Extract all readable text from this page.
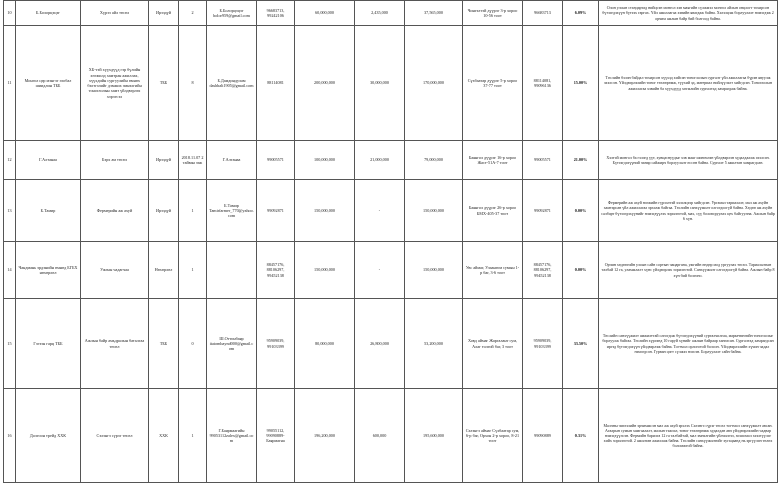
10	Б.Болорцэцэг	Хүрээ айл төсөл	Ирээдүй	2	Б.Болорцэцэг bolor959@gmail.com	96683713, 99242106	60,000,000	2,435,000	37,565,000	Чингэлтэй дүүрэг 3-р хороо 10-56 тоот	96683713	6.09%	Олон улсын стандартад нийцсэн монгол хэв маягийн сүлжмэл монгол айлын онцлогт тохирсон бүтээгдэхүүн бүтээх гаргах. Үйл ажиллагаа хэвийн явагдаж байна. Хэлэлцэж борлуулалт нэмэгдэж 2 орчим ажлын байр бий болгоод байна.
11	Монгол цэр мэнгэг глобал шиидлин ТББ	ХБ-тэй хүүхдүүд гэр бүлийн хөгжилд хамтран ажиллах, хүүхдийн сургуулийн өмнөх бэлтгэлийг дэмжих эмнэлгийн тоноглолын хамт үйлдвэрлэх хэрэгсэл	ТББ	8	Б.Дамдиндулам dashbalt1905@gmail.com	88114081	200,000,000	30,000,000	170,000,000	Сүхбаатар дүүрэг 5-р хороо 37-77 тоот	88114081, 99096136	15.00%	Төслийн бэлэн байдал тохирсон хүүхэд хийсэн тоноглолын сургалт үйл ажиллагаа бүрэн явуулж эхэлсэн. Үйлдвэрлэлийн тоног төхөөрөмж, түүхий эд, материал нийлүүлэлт хийгдсэн. Тоноглолын ажиллагаа хэвийн ба хүүхдүүд хөгжлийн сургалтад хамрагдаж байна.
12	Г.Алтанаа	Бэрх ам төсөл	Ирээдүй	2018.11.07 2 тайван ээж	Г.Алтанаа	99005571	100,000,000	21,000,000	79,000,000	Баянгол дүүрэг 16-р хороо Жаст-51А-7 тоот	99005571	21.00%	Хэлтэй монгол ба гэлэгд үүт, хувцаснуудыг хэв маяг шинэчлэн үйлдвэрлэн худалдаалж эхэлсэн. Бүтээгдэхүүний чанар сайжирч борлуулалт өссөн байна. Сургалт 5 ажилтан хамрагдсан.
13	Б.Тамир	Фермерийн аж ахуй	Ирээдүй	1	Б.Тамир Tamirfarmer_770@yahoo.com	99092871	150,000,000	-	150,000,000	Баянгол дүүрэг 26-р хороо БМХ-405-37 тоот	99092871	0.00%	Фермерийн аж ахуй нэгжийн гүрээлтэй хэлэлцээр хийгдсэн. Ургамал тариалалт, мал аж ахуйн хамтарсан үйл ажиллагаа эрхэлж байгаа. Төслийн санхүүжилт олгогдоогүй байна. Хөдөө аж ахуйн салбарт бүтээгдэхүүнийг нэмэгдүүлэх зорилготой, мах, сүү боловсруулах цех байгуулна. Ажлын байр 6 хүн.
14	Чандмань эрдэнийн өмнөд БГБХ нөхөрлөл	Ужгын чадагчаа	Нөхөрлөл	1		88457176, 88106297, 99452138	150,000,000	-	150,000,000	Увс аймаг, Улаангом сумын 1-р баг, 3-6 тоот	88457176, 88106297, 99452138	0.00%	Орчин хөдөөгийн улсын сайн сортын чацаргана, ужгийн өндөр мод ургуулах төсөл. Тариалалтын талбай 12 га, уламжлалт хүнс үйлдвэрлэх зорилготой. Санхүүжилт олгогдоогүй байна. Ажлын байр 8 хүн бий болгоно.
15	Гэгээн гарц ТББ	Ажлын байр амьдралын баталгаа төсөл	ТББ	0	Ш.Оттонбаяр itatombaynd000@gmail.com	95909039, 99103399	80,000,000	26,800,000	53,200,000	Ховд аймаг Жаргалант сум, Алаг толгой баг, 3 тоот	95909039, 99103399	33.50%	Төслийн санхүүжилт амжилттай олгогдож бүтээгдэхүүний сурталчилгаа, маркетингийн тоноглолыг борлуулж байгаа. Төслийн хүрээнд 10 гаруй хүнийг ажлын байраар хангасан. Сургалтад хамрагдсан иргэд бүтээгдэхүүн үйлдвэрлэж байна. Тогтмол орлоготой болсон. Үйлдвэрлэлийн хүчин чадал нэмэгдсэн. Гурван цэгт сүлжээ нээсэн. Борлуулалт сайн байна.
16	Долгоон трейд ХХК	Сэлэнгэ сүрэг төсөл	ХХК	1	Г.Баярмаагийн 99053112zalex@gmail.com	99055112, 99090889-Баярмагна	196,200,000	600,000	195,600,000	Сэлэнгэ аймаг Сүхбаатар сум, 6-р баг, Орхон 2-р хороо, 8-21 тоот	99090889	0.31%	Малчны чиглэлийн эрчимжсэн мал аж ахуй эрхлэх Сэлэнгэ сүрэг төсөл тогтмол санхүүжилт авсан. Агаарын сумын хамгаалалт, малын тэжээл, тоног төхөөрөмж худалдан авч үйлдвэрлэлийн чадвар нэмэгдүүлсэн. Фермийн барилга 12 га талбайтай, мал эмнэлгийн үйлчилгээ, зохиомол хээлтүүлэг хийх зорилготой. 2 ажилтан ажиллаж байна. Төслийн санхүүжилтийг хугацаанд нь эргүүлэн төлөх боломжтой байна.
